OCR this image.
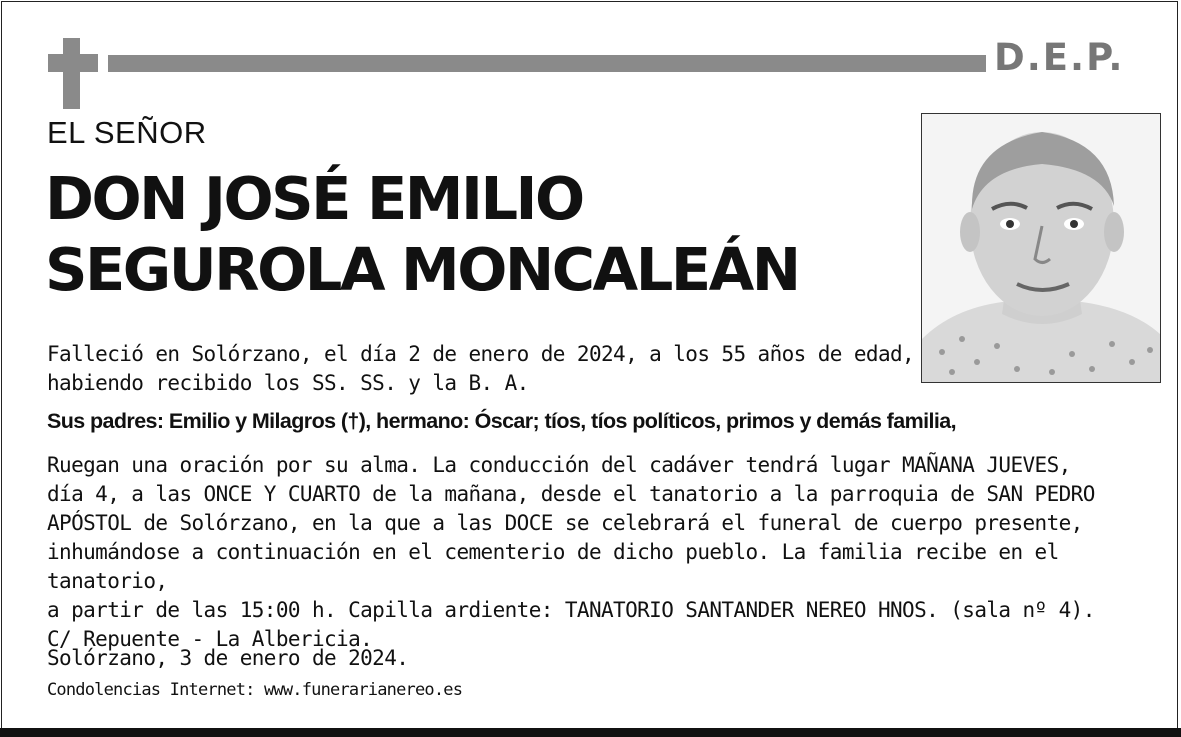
D.E.P.
EL SEÑOR
DON JOSÉ EMILIO
SEGUROLA MONCALEÁN
Falleció en Solórzano, el día 2 de enero de 2024, a los 55 años de edad,
habiendo recibido los SS. SS. y la B. A.
Sus padres: Emilio y Milagros (†), hermano: Óscar; tíos, tíos políticos, primos y demás familia,
Ruegan una oración por su alma. La conducción del cadáver tendrá lugar MAÑANA JUEVES,
día 4, a las ONCE Y CUARTO de la mañana, desde el tanatorio a la parroquia de SAN PEDRO
APÓSTOL de Solórzano, en la que a las DOCE se celebrará el funeral de cuerpo presente,
inhumándose a continuación en el cementerio de dicho pueblo. La familia recibe en el tanatorio,
a partir de las 15:00 h. Capilla ardiente: TANATORIO SANTANDER NEREO HNOS. (sala nº 4).
C/ Repuente - La Albericia.
Solórzano, 3 de enero de 2024.
Condolencias Internet: www.funerarianereo.es
